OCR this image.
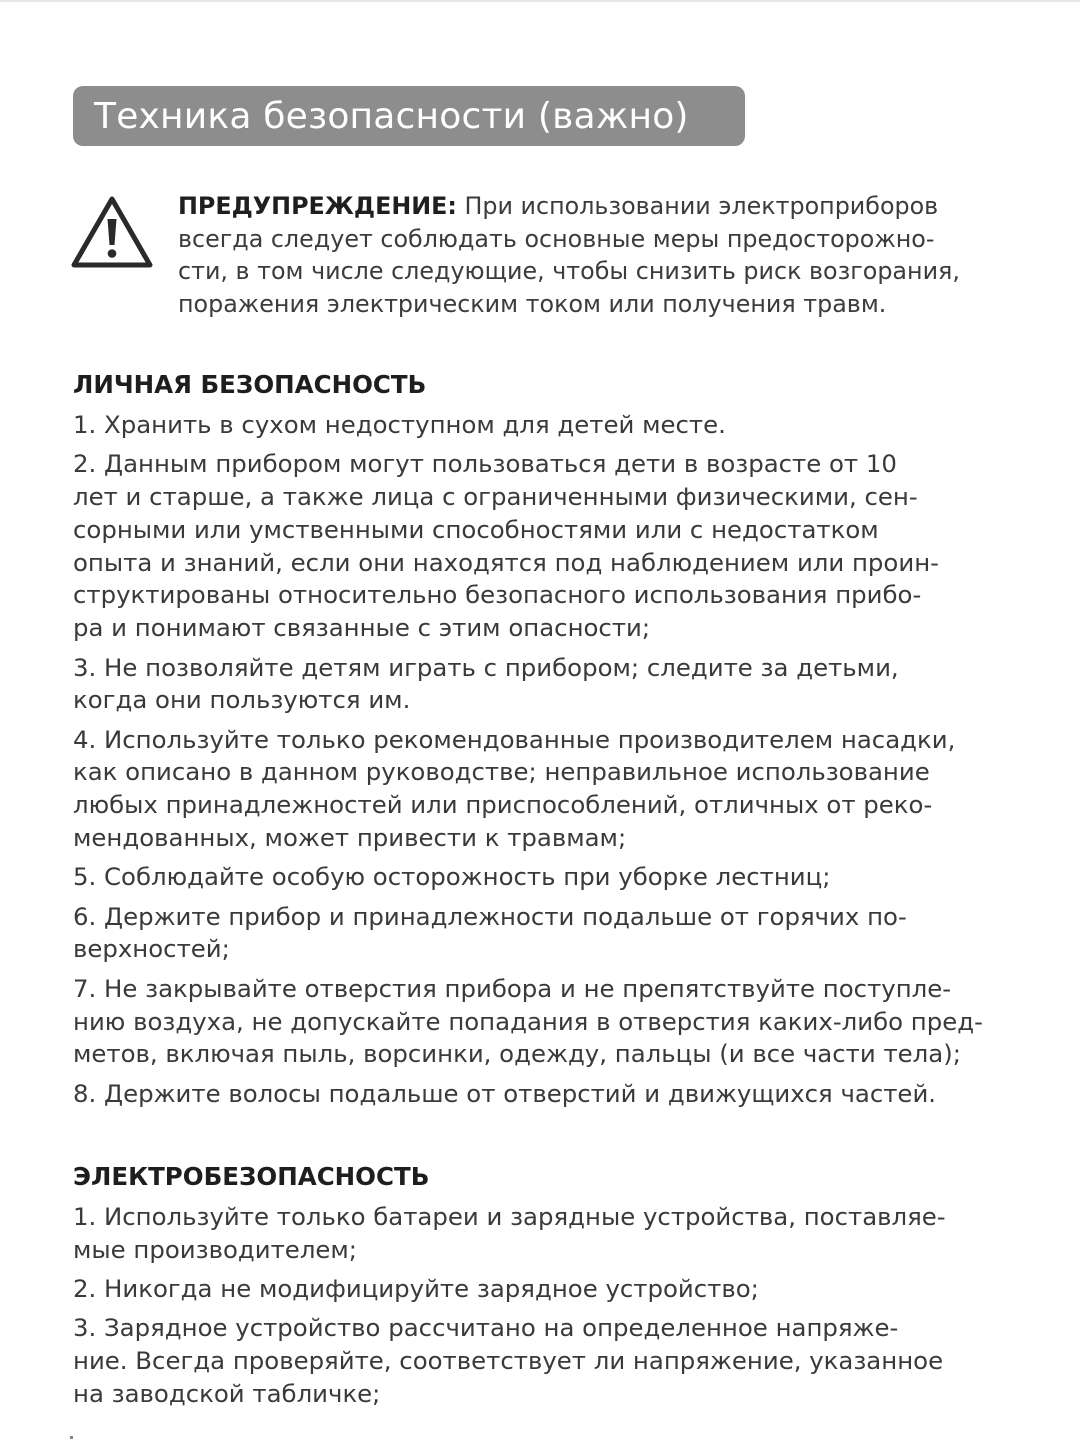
Техника безопасности (важно)
ПРЕДУПРЕЖДЕНИЕ: При использовании электроприборов
всегда следует соблюдать основные меры предосторожно-
сти, в том числе следующие, чтобы снизить риск возгорания,
поражения электрическим током или получения травм.
ЛИЧНАЯ БЕЗОПАСНОСТЬ
1. Хранить в сухом недоступном для детей месте.
2. Данным прибором могут пользоваться дети в возрасте от 10
лет и старше, а также лица с ограниченными физическими, сен-
сорными или умственными способностями или с недостатком
опыта и знаний, если они находятся под наблюдением или проин-
структированы относительно безопасного использования прибо-
ра и понимают связанные с этим опасности;
3. Не позволяйте детям играть с прибором; следите за детьми,
когда они пользуются им.
4. Используйте только рекомендованные производителем насадки,
как описано в данном руководстве; неправильное использование
любых принадлежностей или приспособлений, отличных от реко-
мендованных, может привести к травмам;
5. Соблюдайте особую осторожность при уборке лестниц;
6. Держите прибор и принадлежности подальше от горячих по-
верхностей;
7. Не закрывайте отверстия прибора и не препятствуйте поступле-
нию воздуха, не допускайте попадания в отверстия каких-либо пред-
метов, включая пыль, ворсинки, одежду, пальцы (и все части тела);
8. Держите волосы подальше от отверстий и движущихся частей.
ЭЛЕКТРОБЕЗОПАСНОСТЬ
1. Используйте только батареи и зарядные устройства, поставляе-
мые производителем;
2. Никогда не модифицируйте зарядное устройство;
3. Зарядное устройство рассчитано на определенное напряже-
ние. Всегда проверяйте, соответствует ли напряжение, указанное
на заводской табличке;
